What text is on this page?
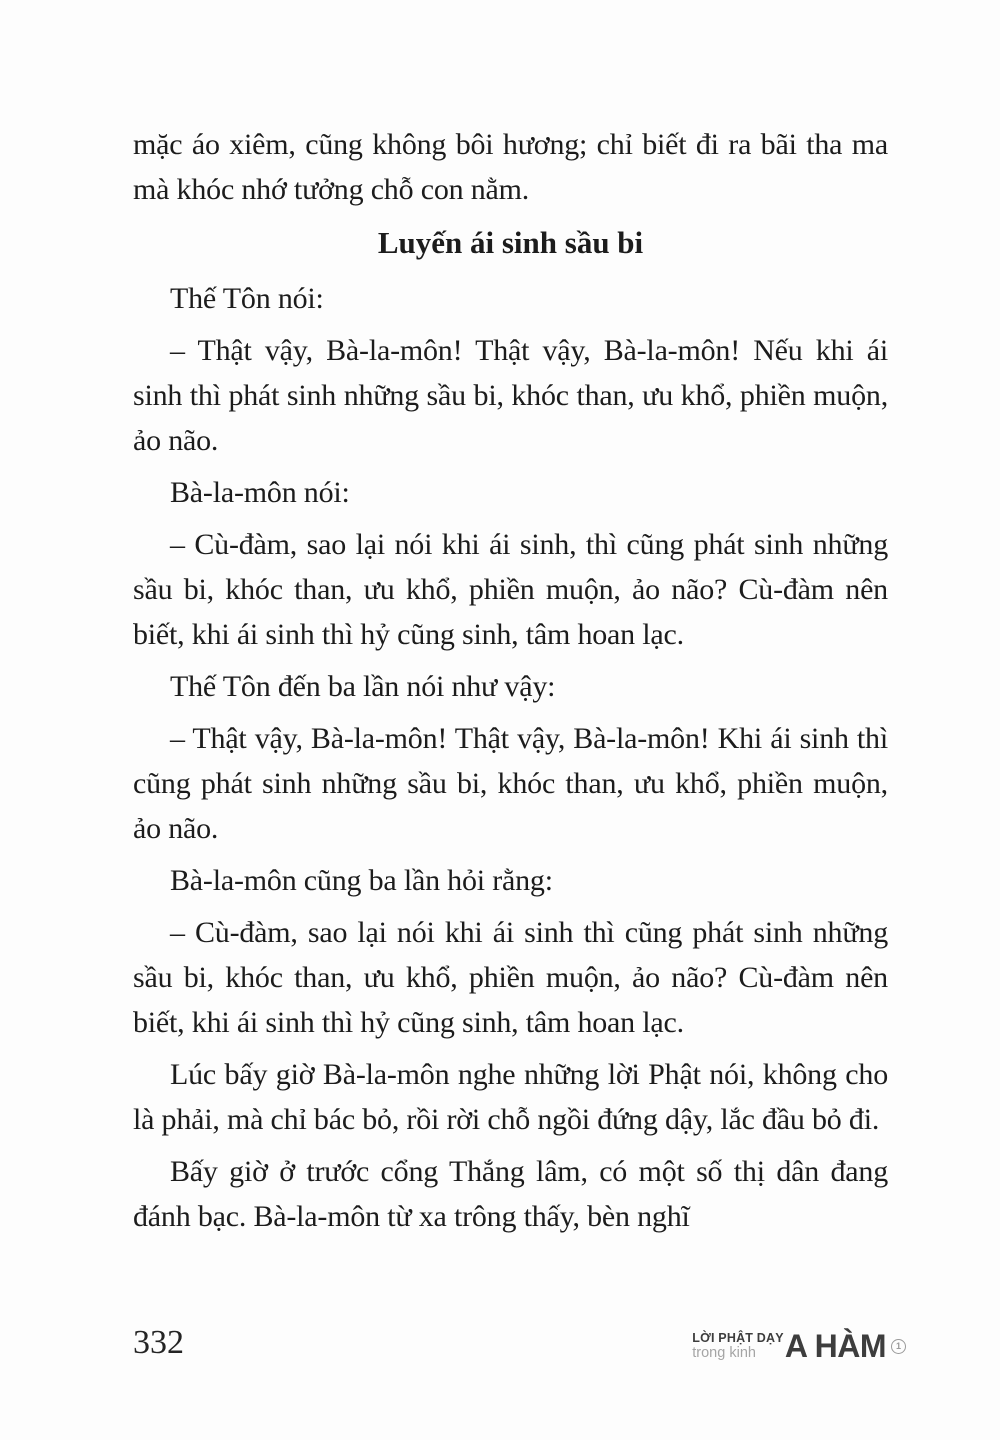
mặc áo xiêm, cũng không bôi hương; chỉ biết đi ra bãi tha ma mà khóc nhớ tưởng chỗ con nằm.

Luyến ái sinh sầu bi

Thế Tôn nói:

– Thật vậy, Bà-la-môn! Thật vậy, Bà-la-môn! Nếu khi ái sinh thì phát sinh những sầu bi, khóc than, ưu khổ, phiền muộn, ảo não.

Bà-la-môn nói:

– Cù-đàm, sao lại nói khi ái sinh, thì cũng phát sinh những sầu bi, khóc than, ưu khổ, phiền muộn, ảo não? Cù-đàm nên biết, khi ái sinh thì hỷ cũng sinh, tâm hoan lạc.

Thế Tôn đến ba lần nói như vậy:

– Thật vậy, Bà-la-môn! Thật vậy, Bà-la-môn! Khi ái sinh thì cũng phát sinh những sầu bi, khóc than, ưu khổ, phiền muộn, ảo não.

Bà-la-môn cũng ba lần hỏi rằng:

– Cù-đàm, sao lại nói khi ái sinh thì cũng phát sinh những sầu bi, khóc than, ưu khổ, phiền muộn, ảo não? Cù-đàm nên biết, khi ái sinh thì hỷ cũng sinh, tâm hoan lạc.

Lúc bấy giờ Bà-la-môn nghe những lời Phật nói, không cho là phải, mà chỉ bác bỏ, rồi rời chỗ ngồi đứng dậy, lắc đầu bỏ đi.

Bấy giờ ở trước cổng Thắng lâm, có một số thị dân đang đánh bạc. Bà-la-môn từ xa trông thấy, bèn nghĩ

332	LỜI PHẬT DẠY
trong kinh A HÀM	1
